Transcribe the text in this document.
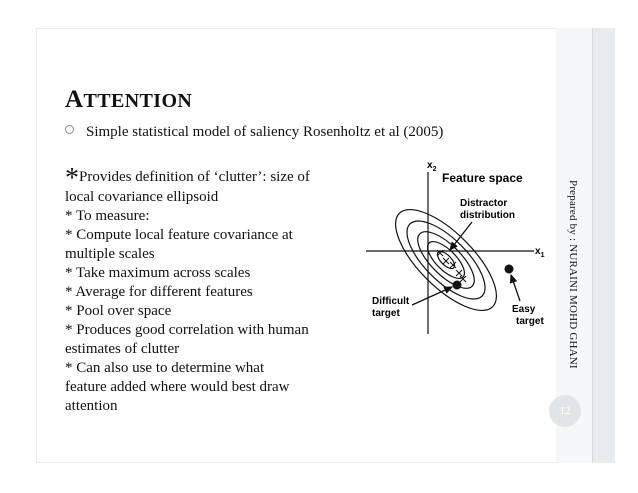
ATTENTION
Simple statistical model of saliency Rosenholtz et al (2005)
*Provides definition of ‘clutter’: size of
local covariance ellipsoid
* To measure:
* Compute local feature covariance at
multiple scales
* Take maximum across scales
* Average for different features
* Pool over space
* Produces good correlation with human
estimates of clutter
* Can also use to determine what
feature added where would best draw
attention
$x_2$
$x_1$
Feature space
Distractor
distribution
Difficult
target	Easy
target	Prepared by : NURAINI MOHD GHANI
12
